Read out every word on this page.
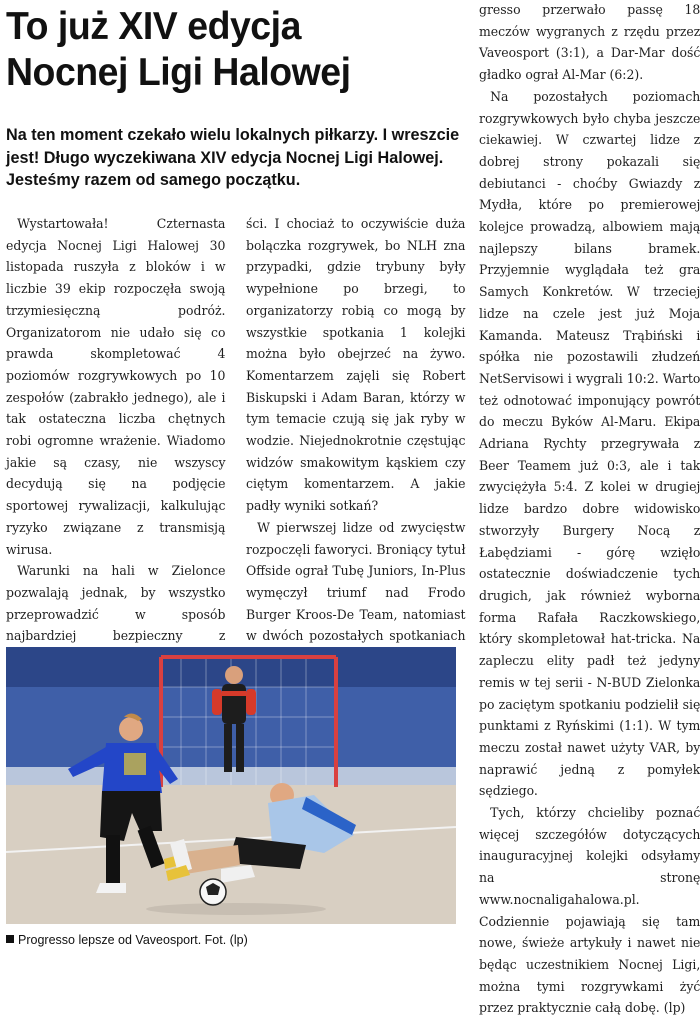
To już XIV edycja
Nocnej Ligi Halowej

Na ten moment czekało wielu lokalnych piłkarzy. I wreszcie jest! Długo wyczekiwana XIV edycja Nocnej Ligi Halowej. Jesteśmy razem od samego początku.

Wystartowała! Czternasta edycja Nocnej Ligi Halowej 30 listopada ruszyła z bloków i w liczbie 39 ekip rozpoczęła swoją trzymiesięczną podróż. Organizatorom nie udało się co prawda skompletować 4 poziomów rozgrywkowych po 10 zespołów (zabrakło jednego), ale i tak ostateczna liczba chętnych robi ogromne wrażenie. Wiadomo jakie są czasy, nie wszyscy decydują się na podjęcie sportowej rywalizacji, kalkulując ryzyko związane z transmisją wirusa.

Warunki na hali w Zielonce pozwalają jednak, by wszystko przeprowadzić w sposób najbardziej bezpieczny z

ści. I chociaż to oczywiście duża bolączka rozgrywek, bo NLH zna przypadki, gdzie trybuny były wypełnione po brzegi, to organizatorzy robią co mogą by wszystkie spotkania 1 kolejki można było obejrzeć na żywo. Komentarzem zajęli się Robert Biskupski i Adam Baran, którzy w tym temacie czują się jak ryby w wodzie. Niejednokrotnie częstując widzów smakowitym kąskiem czy ciętym komentarzem. A jakie padły wyniki sotkań?

W pierwszej lidze od zwycięstw rozpoczęli faworyci. Broniący tytuł Offside ograł Tubę Juniors, In-Plus wymęczył triumf nad Frodo Burger Kroos-De Team, natomiast w dwóch pozostałych spotkaniach

gresso przerwało passę 18 meczów wygranych z rzędu przez Vaveosport (3:1), a Dar-Mar dość gładko ograł Al-Mar (6:2).

Na pozostałych poziomach rozgrywkowych było chyba jeszcze ciekawiej. W czwartej lidze z dobrej strony pokazali się debiutanci - choćby Gwiazdy z Mydła, które po premierowej kolejce prowadzą, albowiem mają najlepszy bilans bramek. Przyjemnie wyglądała też gra Samych Konkretów. W trzeciej lidze na czele jest już Moja Kamanda. Mateusz Trąbiński i spółka nie pozostawili złudzeń NetServisowi i wygrali 10:2. Warto też odnotować imponujący powrót do meczu Byków Al-Maru. Ekipa Adriana Rychty przegrywała z Beer Teamem już 0:3, ale i tak zwyciężyła 5:4. Z kolei w drugiej lidze bardzo dobre widowisko stworzyły Burgery Nocą z Łabędziami - górę wzięło ostatecznie doświadczenie tych drugich, jak również wyborna forma Rafała Raczkowskiego, który skompletował hat-tricka. Na zapleczu elity padł też jedyny remis w tej serii - N-BUD Zielonka po zaciętym spotkaniu podzielił się punktami z Ryńskimi (1:1). W tym meczu został nawet użyty VAR, by naprawić jedną z pomyłek sędziego.

Tych, którzy chcieliby poznać więcej szczegółów dotyczących inauguracyjnej kolejki odsyłamy na stronę www.nocnaligahalowa.pl. Codziennie pojawiają się tam nowe, świeże artykuły i nawet nie będąc uczestnikiem Nocnej Ligi, można tymi rozgrywkami żyć przez praktycznie całą dobę. (lp)

Progresso lepsze od Vaveosport. Fot. (lp)
